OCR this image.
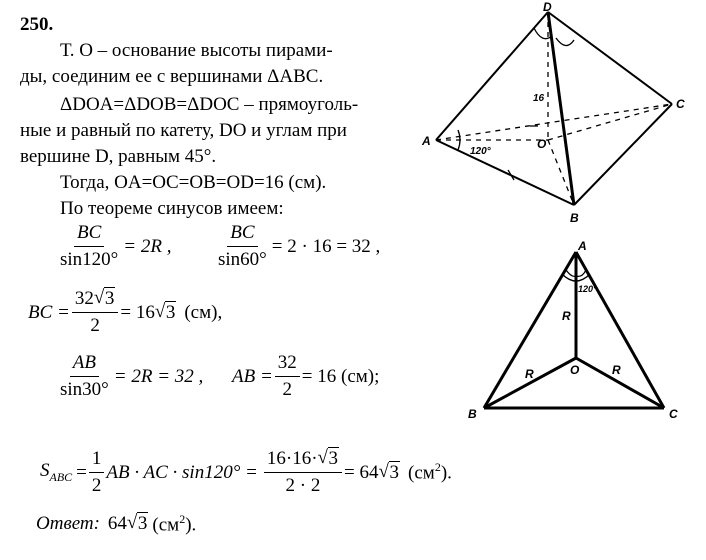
250.
Т. О – основание высоты пирами-
ды, соединим ее с вершинами ΔABC.
ΔDOA=ΔDOB=ΔDOC – прямоуголь-
ные и равный по катету, DO и углам при
вершине D, равным 45°.
Тогда, OA=OC=OB=OD=16 (см).
По теореме синусов имеем:
$\frac{BC}{\sin 120^\circ} = 2R$ , $\frac{BC}{\sin 60^\circ} = 2 \cdot 16 = 32$ ,
BC = $\frac{32 √ 3}{2} = 16$ √ 3 (см),
$\frac{AB}{\sin 30^\circ} = 2R = 32$ , AB = $\frac{32}{2} = 16$ (см);
$S_{ABC} = \frac{1}{2}$ AB · AC · $\sin 120^\circ = \frac{16\cdot 16\cdot √ 3}{2 \cdot 2} = 64$ √ 3 $(см^2)$.
Ответ: 64 √ 3 $(см^2)$.
D
A
B
C
O
16
120°
A
B	C
O
R
R	R
120°
